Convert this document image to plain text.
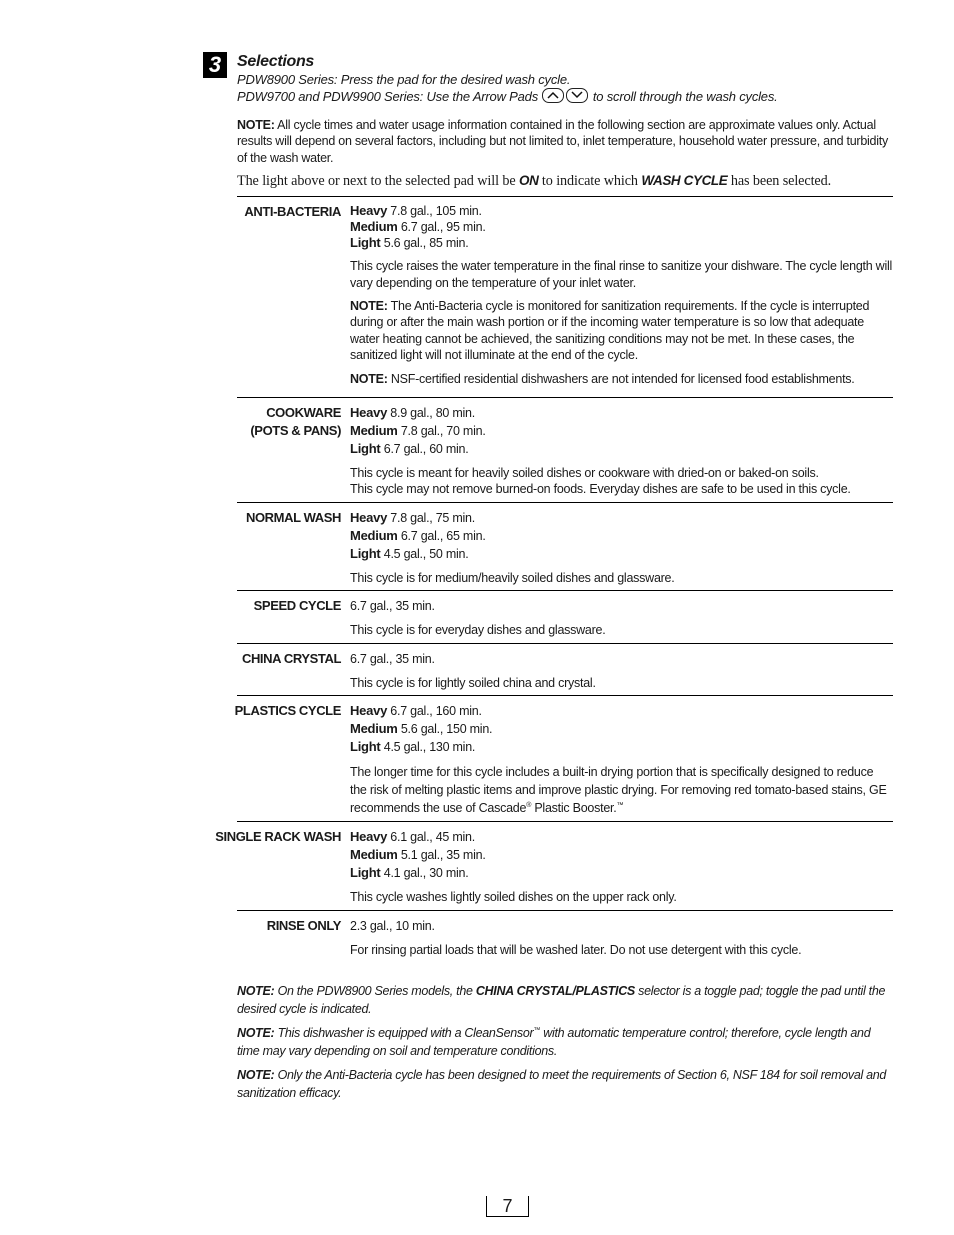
3 Selections
PDW8900 Series: Press the pad for the desired wash cycle.
PDW9700 and PDW9900 Series: Use the Arrow Pads	to scroll through the wash cycles.
NOTE: All cycle times and water usage information contained in the following section are approximate values only. Actual results will depend on several factors, including but not limited to, inlet temperature, household water pressure, and turbidity of the wash water.
The light above or next to the selected pad will be ON to indicate which WASH CYCLE has been selected.
ANTI-BACTERIA Heavy 7.8 gal., 105 min.
Medium 6.7 gal., 95 min.
Light 5.6 gal., 85 min.
This cycle raises the water temperature in the final rinse to sanitize your dishware. The cycle length will vary depending on the temperature of your inlet water.
NOTE: The Anti-Bacteria cycle is monitored for sanitization requirements. If the cycle is interrupted during or after the main wash portion or if the incoming water temperature is so low that adequate water heating cannot be achieved, the sanitizing conditions may not be met. In these cases, the sanitized light will not illuminate at the end of the cycle.
NOTE: NSF-certified residential dishwashers are not intended for licensed food establishments.
COOKWARE
(POTS & PANS)
Heavy 8.9 gal., 80 min.
Medium 7.8 gal., 70 min.
Light 6.7 gal., 60 min.
This cycle is meant for heavily soiled dishes or cookware with dried-on or baked-on soils.
This cycle may not remove burned-on foods. Everyday dishes are safe to be used in this cycle.
NORMAL WASH Heavy 7.8 gal., 75 min.
Medium 6.7 gal., 65 min.
Light 4.5 gal., 50 min.
This cycle is for medium/heavily soiled dishes and glassware.
SPEED CYCLE 6.7 gal., 35 min.
This cycle is for everyday dishes and glassware.
CHINA CRYSTAL 6.7 gal., 35 min.
This cycle is for lightly soiled china and crystal.
PLASTICS CYCLE Heavy 6.7 gal., 160 min.
Medium 5.6 gal., 150 min.
Light 4.5 gal., 130 min.
The longer time for this cycle includes a built-in drying portion that is specifically designed to reduce the risk of melting plastic items and improve plastic drying. For removing red tomato-based stains, GE recommends the use of Cascade® Plastic Booster.™
SINGLE RACK WASH Heavy 6.1 gal., 45 min.
Medium 5.1 gal., 35 min.
Light 4.1 gal., 30 min.
This cycle washes lightly soiled dishes on the upper rack only.
RINSE ONLY 2.3 gal., 10 min.
For rinsing partial loads that will be washed later. Do not use detergent with this cycle.

NOTE: On the PDW8900 Series models, the CHINA CRYSTAL/PLASTICS selector is a toggle pad; toggle the pad until the desired cycle is indicated.

NOTE: This dishwasher is equipped with a CleanSensor™ with automatic temperature control; therefore, cycle length and time may vary depending on soil and temperature conditions.

NOTE: Only the Anti-Bacteria cycle has been designed to meet the requirements of Section 6, NSF 184 for soil removal and sanitization efficacy.

7
